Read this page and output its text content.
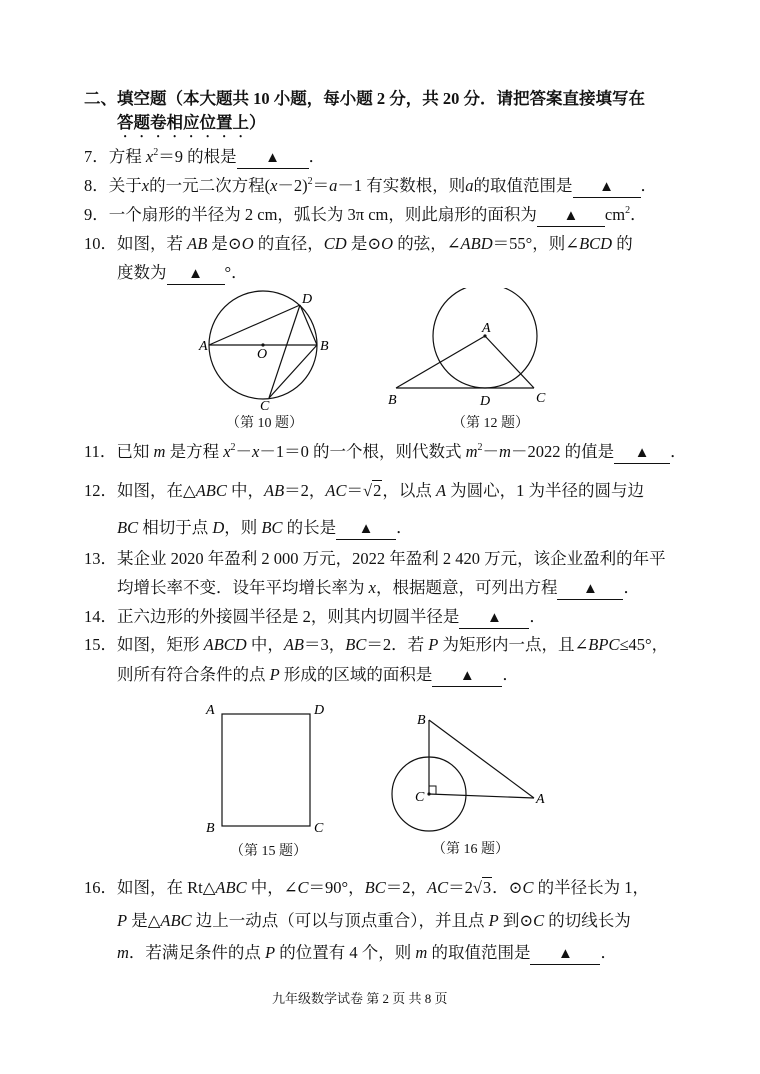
二、填空题（本大题共 10 小题，每小题 2 分，共 20 分．请把答案直接填写在
答题卷相应位置上）
7．方程 $x^2=9$ 的根是 ▲ ．
8．关于x的一元二次方程$(x-2)^2=a-1$ 有实数根，则a的取值范围是 ▲ ．
9．一个扇形的半径为 2 cm，弧长为 3π cm，则此扇形的面积为 ▲ $cm^2$．
10．如图，若 AB 是⊙O 的直径，CD 是⊙O 的弦，∠ABD＝55°，则∠BCD 的
度数为 ▲ °．
A	B
C
D
O
（第 10 题）
A
B	C
D
（第 12 题）
11．已知 m 是方程 $x^2-x-1=0$ 的一个根，则代数式 $m^2-m-2022$ 的值是 ▲ ．
12．如图，在△ABC 中，AB＝2，AC＝√2，以点 A 为圆心，1 为半径的圆与边
BC 相切于点 D，则 BC 的长是 ▲ ．
13．某企业 2020 年盈利 2 000 万元，2022 年盈利 2 420 万元，该企业盈利的年平
均增长率不变．设年平均增长率为 x，根据题意，可列出方程 ▲ ．
14．正六边形的外接圆半径是 2，则其内切圆半径是 ▲ ．
15．如图，矩形 ABCD 中，AB＝3，BC＝2．若 P 为矩形内一点，且∠BPC≤45°，
则所有符合条件的点 P 形成的区域的面积是 ▲ ．
A	D
B	C
（第 15 题）
B
C	A
（第 16 题）
16．如图，在 Rt△ABC 中，∠C＝90°，BC＝2，AC＝2√3．⊙C 的半径长为 1，
P 是△ABC 边上一动点（可以与顶点重合），并且点 P 到⊙C 的切线长为
m．若满足条件的点 P 的位置有 4 个，则 m 的取值范围是 ▲ ．
九年级数学试卷 第 2 页 共 8 页
